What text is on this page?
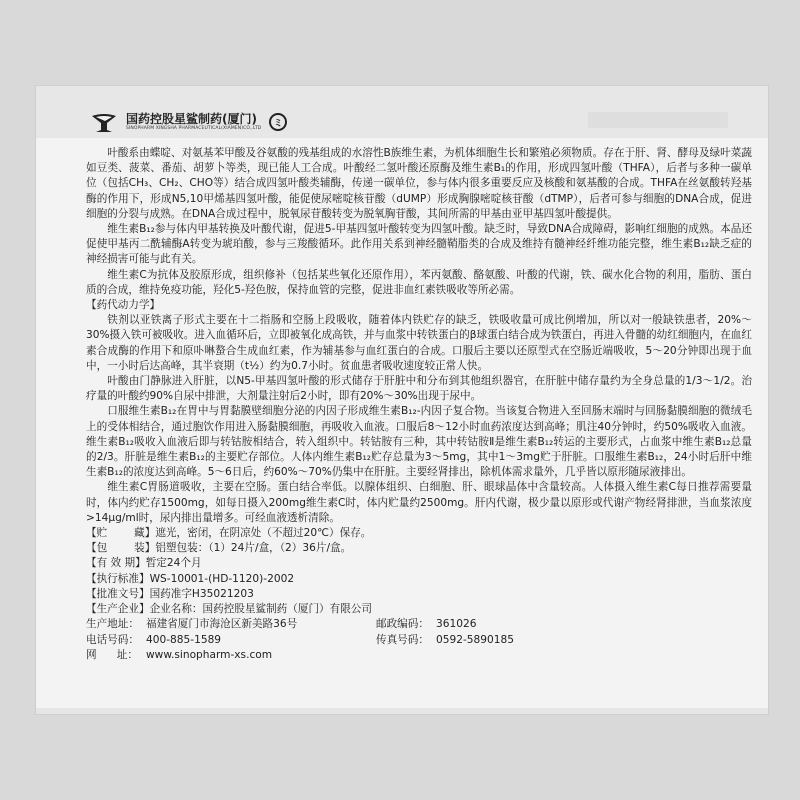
国药控股星鲨制药(厦门)
SINOPHARM XINGSHA PHARMACEUTICAL(XIAMEN)CO.,LTD	ミ

叶酸系由蝶啶、对氨基苯甲酸及谷氨酸的残基组成的水溶性B族维生素，为机体细胞生长和繁殖必须物质。存在于肝、肾、酵母及绿叶菜蔬如豆类、菠菜、番茄、胡萝卜等类，现已能人工合成。叶酸经二氢叶酸还原酶及维生素B₁的作用，形成四氢叶酸（THFA），后者与多种一碳单位（包括CH₃、CH₂、CHO等）结合成四氢叶酸类辅酶，传递一碳单位，参与体内很多重要反应及核酸和氨基酸的合成。THFA在丝氨酸转羟基酶的作用下，形成N5,10甲烯基四氢叶酸，能促使尿嘧啶核苷酸（dUMP）形成胸腺嘧啶核苷酸（dTMP），后者可参与细胞的DNA合成，促进细胞的分裂与成熟。在DNA合成过程中，脱氧尿苷酸转变为脱氧胸苷酸，其间所需的甲基由亚甲基四氢叶酸提供。

维生素B₁₂参与体内甲基转换及叶酸代谢，促进5-甲基四氢叶酸转变为四氢叶酸。缺乏时，导致DNA合成障碍，影响红细胞的成熟。本品还促使甲基丙二酰辅酶A转变为琥珀酸，参与三羧酸循环。此作用关系到神经髓鞘脂类的合成及维持有髓神经纤维功能完整，维生素B₁₂缺乏症的神经损害可能与此有关。

维生素C为抗体及胶原形成，组织修补（包括某些氧化还原作用），苯丙氨酸、酪氨酸、叶酸的代谢，铁、碳水化合物的利用，脂肪、蛋白质的合成，维持免疫功能，羟化5-羟色胺，保持血管的完整，促进非血红素铁吸收等所必需。

【药代动力学】

铁剂以亚铁离子形式主要在十二指肠和空肠上段吸收，随着体内铁贮存的缺乏，铁吸收量可成比例增加，所以对一般缺铁患者，20%～30%摄入铁可被吸收。进入血循环后，立即被氧化成高铁，并与血浆中转铁蛋白的β球蛋白结合成为铁蛋白，再进入骨髓的幼红细胞内，在血红素合成酶的作用下和原卟啉螯合生成血红素，作为辅基参与血红蛋白的合成。口服后主要以还原型式在空肠近端吸收，5～20分钟即出现于血中，一小时后达高峰，其半衰期（t½）约为0.7小时。贫血患者吸收速度较正常人快。

叶酸由门静脉进入肝脏，以N5-甲基四氢叶酸的形式储存于肝脏中和分布到其他组织器官，在肝脏中储存量约为全身总量的1/3～1/2。治疗量的叶酸约90%自尿中排泄，大剂量注射后2小时，即有20%～30%出现于尿中。

口服维生素B₁₂在胃中与胃黏膜壁细胞分泌的内因子形成维生素B₁₂-内因子复合物。当该复合物进入至回肠末端时与回肠黏膜细胞的微绒毛上的受体相结合，通过胞饮作用进入肠黏膜细胞，再吸收入血液。口服后8～12小时血药浓度达到高峰；肌注40分钟时，约50%吸收入血液。维生素B₁₂吸收入血液后即与转钴胺相结合，转入组织中。转钴胺有三种，其中转钴胺Ⅱ是维生素B₁₂转运的主要形式，占血浆中维生素B₁₂总量的2/3。肝脏是维生素B₁₂的主要贮存部位。人体内维生素B₁₂贮存总量为3～5mg，其中1～3mg贮于肝脏。口服维生素B₁₂，24小时后肝中维生素B₁₂的浓度达到高峰。5～6日后，约60%～70%仍集中在肝脏。主要经肾排出，除机体需求量外，几乎皆以原形随尿液排出。

维生素C胃肠道吸收，主要在空肠。蛋白结合率低。以腺体组织、白细胞、肝、眼球晶体中含量较高。人体摄入维生素C每日推荐需要量时，体内约贮存1500mg，如每日摄入200mg维生素C时，体内贮量约2500mg。肝内代谢，极少量以原形或代谢产物经肾排泄，当血浆浓度>14μg/ml时，尿内排出量增多。可经血液透析清除。

【贮        藏】 遮光，密闭，在阴凉处（不超过20℃）保存。

【包        装】 铝塑包装：（1）24片/盒，（2）36片/盒。

【有 效 期】 暂定24个月

【执行标准】 WS-10001-(HD-1120)-2002

【批准文号】 国药准字H35021203

【生产企业】 企业名称： 国药控股星鲨制药（厦门）有限公司

生产地址： 福建省厦门市海沧区新美路36号	邮政编码： 361026
电话号码： 400-885-1589	传真号码： 0592-5890185
网      址： www.sinopharm-xs.com
